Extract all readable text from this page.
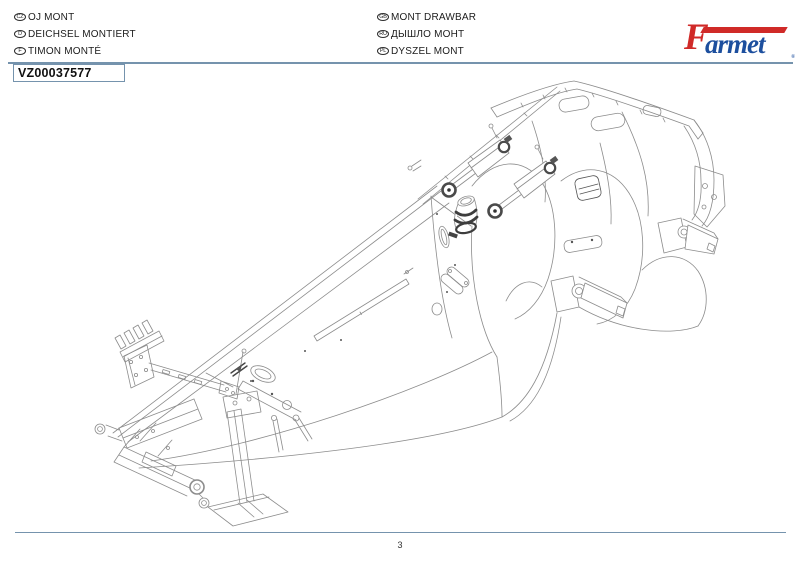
CZ OJ MONT
D DEICHSEL MONTIERT
F TIMON MONTÉ
GB MONT DRAWBAR
RU ДЫШЛО МОНТ
PL DYSZEL MONT	F
armet	®
VZ00037577
3
